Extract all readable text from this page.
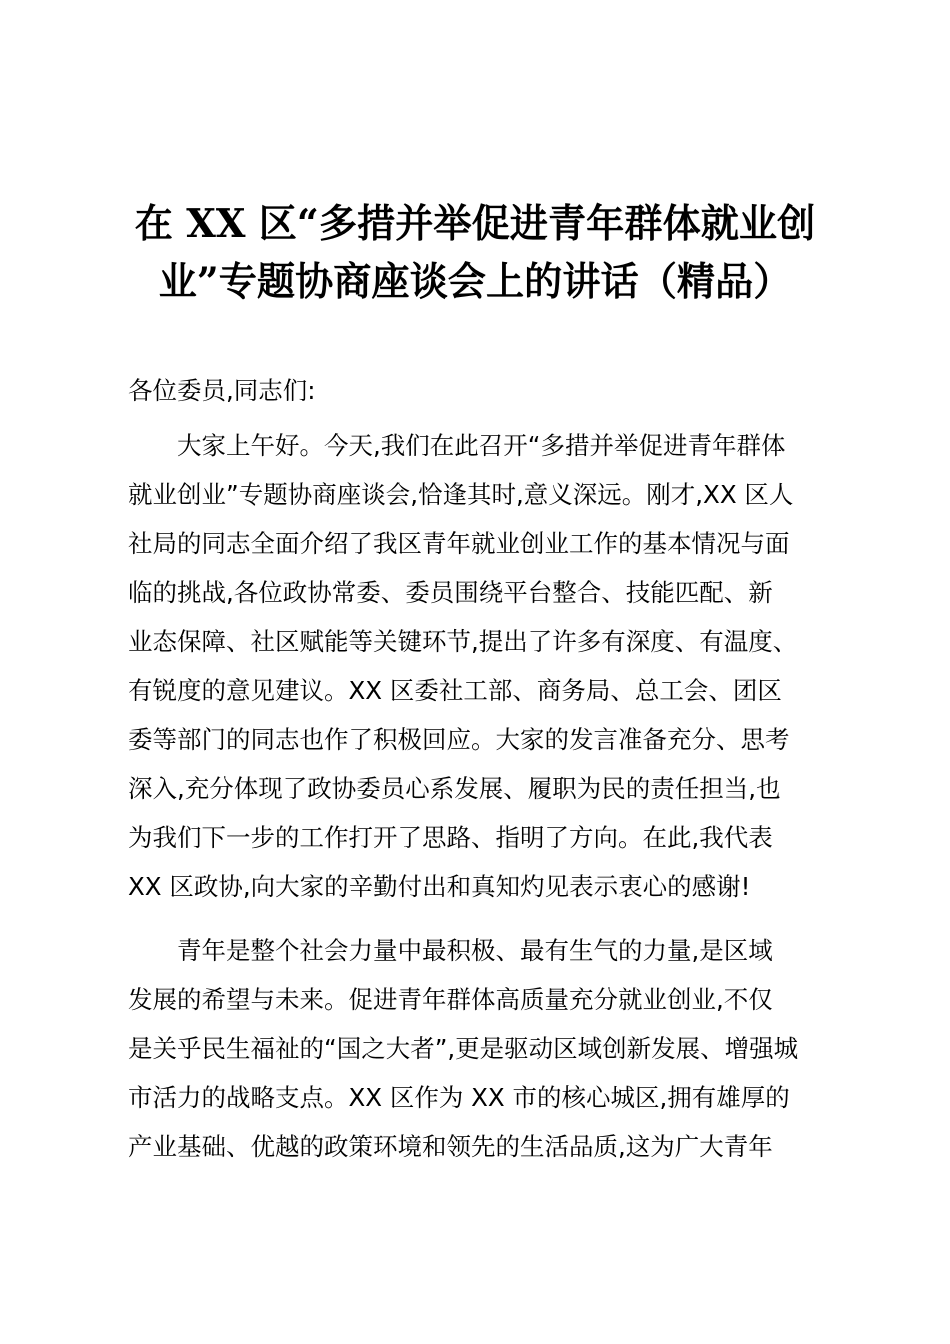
在 XX 区“多措并举促进青年群体就业创
业”专题协商座谈会上的讲话（精品）
各位委员,同志们:
大家上午好。今天,我们在此召开“多措并举促进青年群体
就业创业”专题协商座谈会,恰逢其时,意义深远。刚才,XX 区人
社局的同志全面介绍了我区青年就业创业工作的基本情况与面
临的挑战,各位政协常委、委员围绕平台整合、技能匹配、新
业态保障、社区赋能等关键环节,提出了许多有深度、有温度、
有锐度的意见建议。XX 区委社工部、商务局、总工会、团区
委等部门的同志也作了积极回应。大家的发言准备充分、思考
深入,充分体现了政协委员心系发展、履职为民的责任担当,也
为我们下一步的工作打开了思路、指明了方向。在此,我代表
XX 区政协,向大家的辛勤付出和真知灼见表示衷心的感谢!
青年是整个社会力量中最积极、最有生气的力量,是区域
发展的希望与未来。促进青年群体高质量充分就业创业,不仅
是关乎民生福祉的“国之大者”,更是驱动区域创新发展、增强城
市活力的战略支点。XX 区作为 XX 市的核心城区,拥有雄厚的
产业基础、优越的政策环境和领先的生活品质,这为广大青年
